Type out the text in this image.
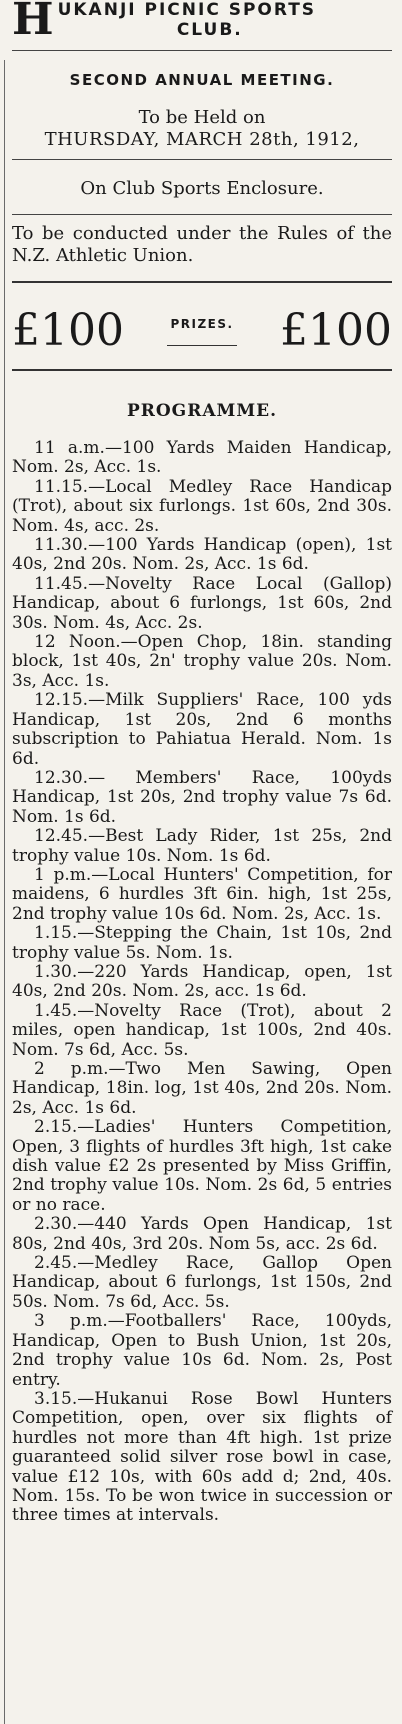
H UKANJI PICNIC SPORTS
CLUB.
SECOND ANNUAL MEETING.
To be Held on
THURSDAY, MARCH 28th, 1912,
On Club Sports Enclosure.
To be conducted under the Rules of the N.Z. Athletic Union.
£100	PRIZES. £100
PROGRAMME.

11 a.m.—100 Yards Maiden Handicap, Nom. 2s, Acc. 1s.

11.15.—Local Medley Race Handicap (Trot), about six furlongs. 1st 60s, 2nd 30s. Nom. 4s, acc. 2s.

11.30.—100 Yards Handicap (open), 1st 40s, 2nd 20s. Nom. 2s, Acc. 1s 6d.

11.45.—Novelty Race Local (Gallop) Handicap, about 6 furlongs, 1st 60s, 2nd 30s. Nom. 4s, Acc. 2s.

12 Noon.—Open Chop, 18in. standing block, 1st 40s, 2n' trophy value 20s. Nom. 3s, Acc. 1s.

12.15.—Milk Suppliers' Race, 100 yds Handicap, 1st 20s, 2nd 6 months subscription to Pahiatua Herald. Nom. 1s 6d.

12.30.— Members' Race, 100yds Handicap, 1st 20s, 2nd trophy value 7s 6d. Nom. 1s 6d.

12.45.—Best Lady Rider, 1st 25s, 2nd trophy value 10s. Nom. 1s 6d.

1 p.m.—Local Hunters' Competition, for maidens, 6 hurdles 3ft 6in. high, 1st 25s, 2nd trophy value 10s 6d. Nom. 2s, Acc. 1s.

1.15.—Stepping the Chain, 1st 10s, 2nd trophy value 5s. Nom. 1s.

1.30.—220 Yards Handicap, open, 1st 40s, 2nd 20s. Nom. 2s, acc. 1s 6d.

1.45.—Novelty Race (Trot), about 2 miles, open handicap, 1st 100s, 2nd 40s. Nom. 7s 6d, Acc. 5s.

2 p.m.—Two Men Sawing, Open Handicap, 18in. log, 1st 40s, 2nd 20s. Nom. 2s, Acc. 1s 6d.

2.15.—Ladies' Hunters Competition, Open, 3 flights of hurdles 3ft high, 1st cake dish value £2 2s presented by Miss Griffin, 2nd trophy value 10s. Nom. 2s 6d, 5 entries or no race.

2.30.—440 Yards Open Handicap, 1st 80s, 2nd 40s, 3rd 20s. Nom 5s, acc. 2s 6d.

2.45.—Medley Race, Gallop Open Handicap, about 6 furlongs, 1st 150s, 2nd 50s. Nom. 7s 6d, Acc. 5s.

3 p.m.—Footballers' Race, 100yds, Handicap, Open to Bush Union, 1st 20s, 2nd trophy value 10s 6d. Nom. 2s, Post entry.

3.15.—Hukanui Rose Bowl Hunters Competition, open, over six flights of hurdles not more than 4ft high. 1st prize guaranteed solid silver rose bowl in case, value £12 10s, with 60s add d; 2nd, 40s. Nom. 15s. To be won twice in succession or three times at intervals.
